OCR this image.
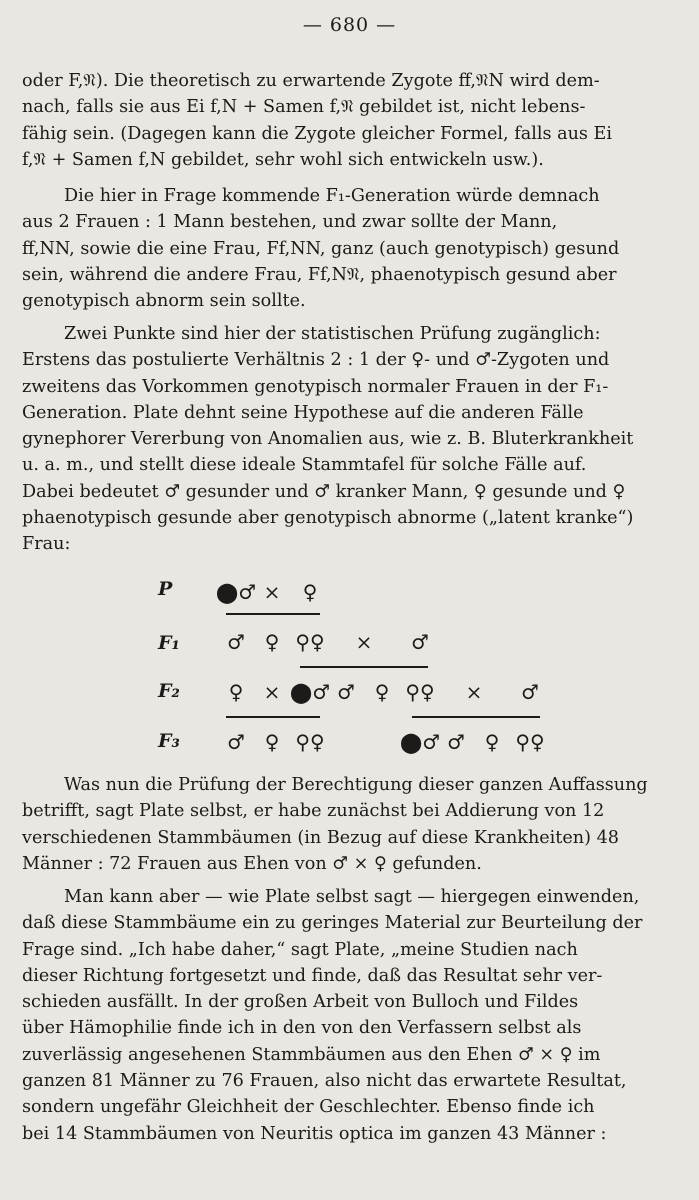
— 680 —

oder F,𝔑). Die theoretisch zu erwartende Zygote ff,𝔑N wird dem-

nach, falls sie aus Ei f,N + Samen f,𝔑 gebildet ist, nicht lebens-

fähig sein. (Dagegen kann die Zygote gleicher Formel, falls aus Ei

f,𝔑 + Samen f,N gebildet, sehr wohl sich entwickeln usw.).

Die hier in Frage kommende F₁-Generation würde demnach

aus 2 Frauen : 1 Mann bestehen, und zwar sollte der Mann,

ff,NN, sowie die eine Frau, Ff,NN, ganz (auch genotypisch) gesund

sein, während die andere Frau, Ff,N𝔑, phaenotypisch gesund aber

genotypisch abnorm sein sollte.

Zwei Punkte sind hier der statistischen Prüfung zugänglich:

Erstens das postulierte Verhältnis 2 : 1 der ♀- und ♂-Zygoten und

zweitens das Vorkommen genotypisch normaler Frauen in der F₁-

Generation. Plate dehnt seine Hypothese auf die anderen Fälle

gynephorer Vererbung von Anomalien aus, wie z. B. Bluterkrankheit

u. a. m., und stellt diese ideale Stammtafel für solche Fälle auf.

Dabei bedeutet ♂ gesunder und ♂ kranker Mann, ♀ gesunde und ♀

phaenotypisch gesunde aber genotypisch abnorme („latent kranke“)

Frau:

P
F₁
F₂
F₃
⬤♂ × ♀
♂ ♀ ⚲♀ × ♂
♀ × ⬤♂ ♂ ♀ ⚲♀ × ♂
♂ ♀ ⚲♀	⬤♂ ♂ ♀ ⚲♀

Was nun die Prüfung der Berechtigung dieser ganzen Auffassung

betrifft, sagt Plate selbst, er habe zunächst bei Addierung von 12

verschiedenen Stammbäumen (in Bezug auf diese Krankheiten) 48

Männer : 72 Frauen aus Ehen von ♂ × ♀ gefunden.

Man kann aber — wie Plate selbst sagt — hiergegen einwenden,

daß diese Stammbäume ein zu geringes Material zur Beurteilung der

Frage sind. „Ich habe daher,“ sagt Plate, „meine Studien nach

dieser Richtung fortgesetzt und finde, daß das Resultat sehr ver-

schieden ausfällt. In der großen Arbeit von Bulloch und Fildes

über Hämophilie finde ich in den von den Verfassern selbst als

zuverlässig angesehenen Stammbäumen aus den Ehen ♂ × ♀ im

ganzen 81 Männer zu 76 Frauen, also nicht das erwartete Resultat,

sondern ungefähr Gleichheit der Geschlechter. Ebenso finde ich

bei 14 Stammbäumen von Neuritis optica im ganzen 43 Männer :
